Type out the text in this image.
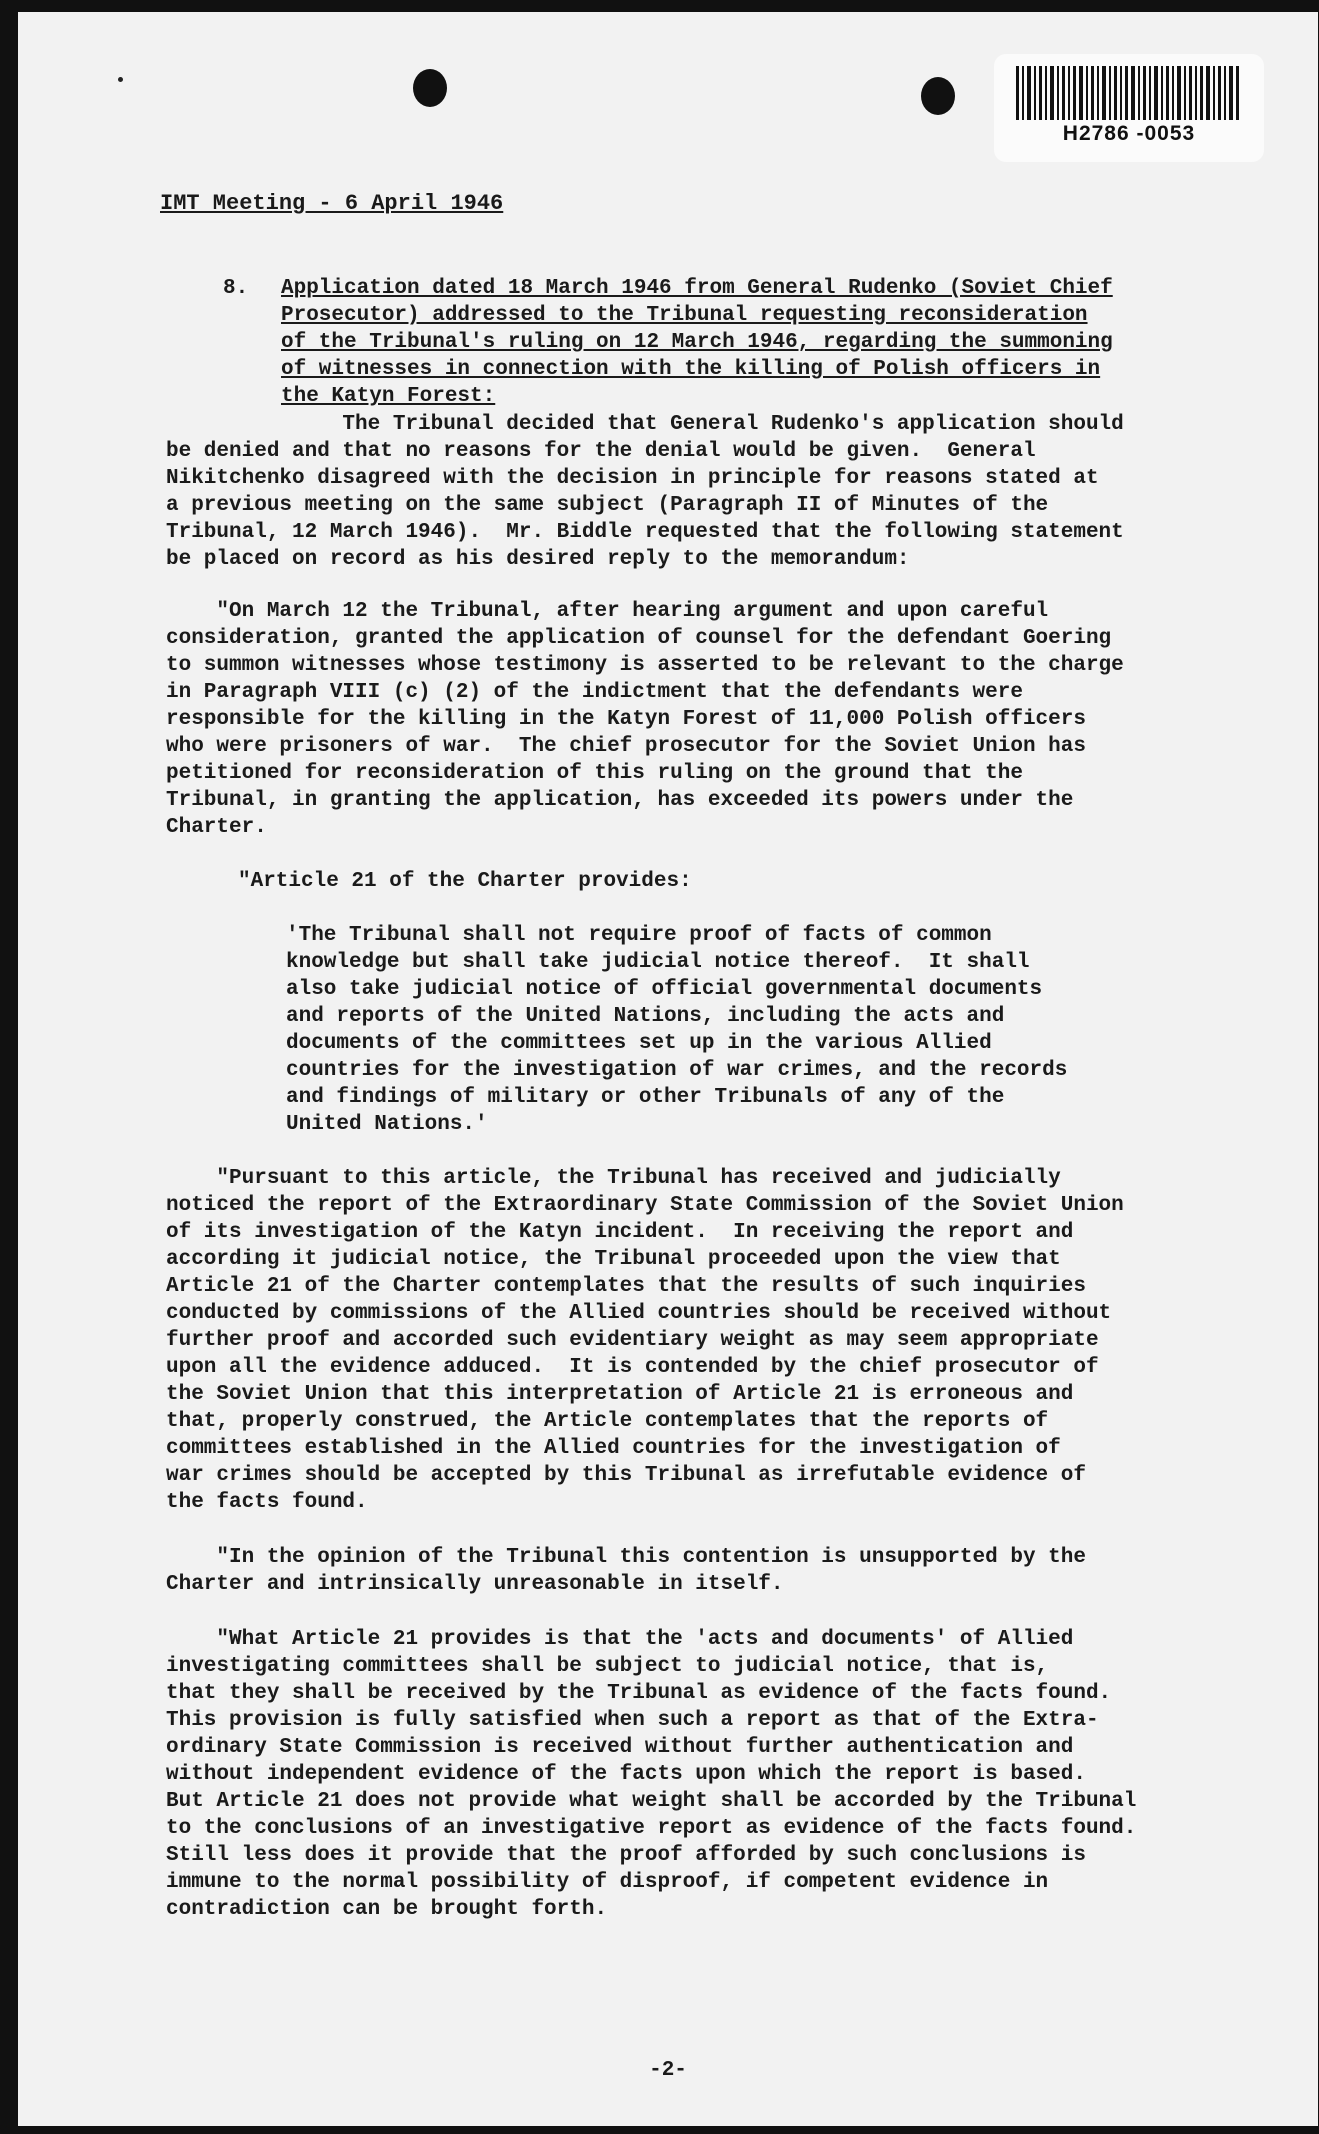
H2786 -0053
IMT Meeting - 6 April 1946
8. Application dated 18 March 1946 from General Rudenko (Soviet Chief
Prosecutor) addressed to the Tribunal requesting reconsideration
of the Tribunal's ruling on 12 March 1946, regarding the summoning
of witnesses in connection with the killing of Polish officers in
the Katyn Forest:
The Tribunal decided that General Rudenko's application should
be denied and that no reasons for the denial would be given.  General
Nikitchenko disagreed with the decision in principle for reasons stated at
a previous meeting on the same subject (Paragraph II of Minutes of the
Tribunal, 12 March 1946).  Mr. Biddle requested that the following statement
be placed on record as his desired reply to the memorandum:
"On March 12 the Tribunal, after hearing argument and upon careful
consideration, granted the application of counsel for the defendant Goering
to summon witnesses whose testimony is asserted to be relevant to the charge
in Paragraph VIII (c) (2) of the indictment that the defendants were
responsible for the killing in the Katyn Forest of 11,000 Polish officers
who were prisoners of war.  The chief prosecutor for the Soviet Union has
petitioned for reconsideration of this ruling on the ground that the
Tribunal, in granting the application, has exceeded its powers under the
Charter.
"Article 21 of the Charter provides:
'The Tribunal shall not require proof of facts of common
knowledge but shall take judicial notice thereof.  It shall
also take judicial notice of official governmental documents
and reports of the United Nations, including the acts and
documents of the committees set up in the various Allied
countries for the investigation of war crimes, and the records
and findings of military or other Tribunals of any of the
United Nations.'
"Pursuant to this article, the Tribunal has received and judicially
noticed the report of the Extraordinary State Commission of the Soviet Union
of its investigation of the Katyn incident.  In receiving the report and
according it judicial notice, the Tribunal proceeded upon the view that
Article 21 of the Charter contemplates that the results of such inquiries
conducted by commissions of the Allied countries should be received without
further proof and accorded such evidentiary weight as may seem appropriate
upon all the evidence adduced.  It is contended by the chief prosecutor of
the Soviet Union that this interpretation of Article 21 is erroneous and
that, properly construed, the Article contemplates that the reports of
committees established in the Allied countries for the investigation of
war crimes should be accepted by this Tribunal as irrefutable evidence of
the facts found.
"In the opinion of the Tribunal this contention is unsupported by the
Charter and intrinsically unreasonable in itself.
"What Article 21 provides is that the 'acts and documents' of Allied
investigating committees shall be subject to judicial notice, that is,
that they shall be received by the Tribunal as evidence of the facts found.
This provision is fully satisfied when such a report as that of the Extra-
ordinary State Commission is received without further authentication and
without independent evidence of the facts upon which the report is based.
But Article 21 does not provide what weight shall be accorded by the Tribunal
to the conclusions of an investigative report as evidence of the facts found.
Still less does it provide that the proof afforded by such conclusions is
immune to the normal possibility of disproof, if competent evidence in
contradiction can be brought forth.
-2-
